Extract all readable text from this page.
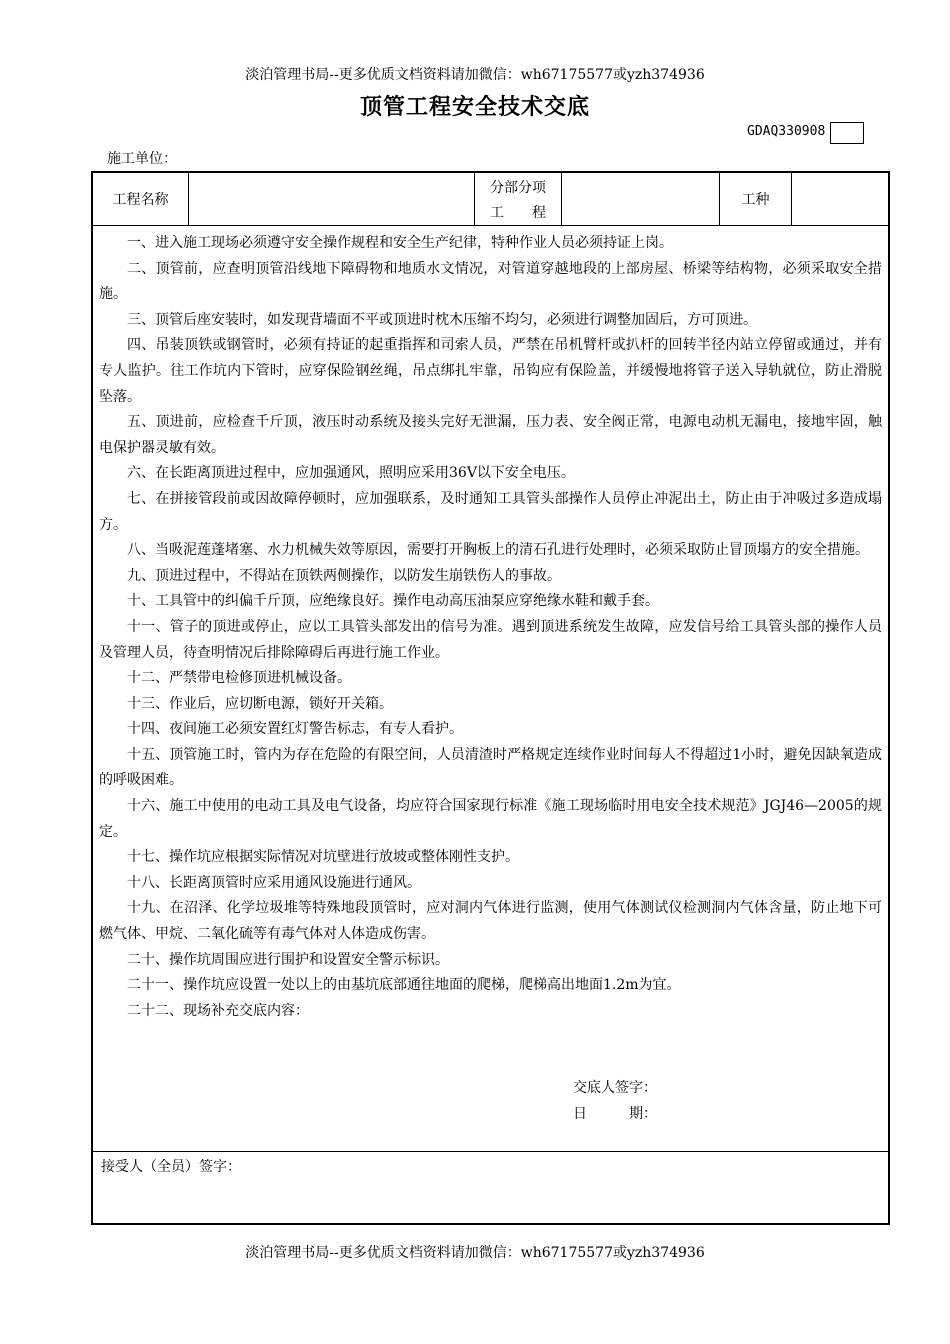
淡泊管理书局--更多优质文档资料请加微信：wh67175577或yzh374936
顶管工程安全技术交底
GDAQ330908
施工单位：
工程名称
分部分项
工　　程
工种

一、进入施工现场必须遵守安全操作规程和安全生产纪律，特种作业人员必须持证上岗。

二、顶管前，应查明顶管沿线地下障碍物和地质水文情况，对管道穿越地段的上部房屋、桥梁等结构物，必须采取安全措施。

三、顶管后座安装时，如发现背墙面不平或顶进时枕木压缩不均匀，必须进行调整加固后，方可顶进。

四、吊装顶铁或钢管时，必须有持证的起重指挥和司索人员，严禁在吊机臂杆或扒杆的回转半径内站立停留或通过，并有专人监护。往工作坑内下管时，应穿保险钢丝绳，吊点绑扎牢靠，吊钩应有保险盖，并缓慢地将管子送入导轨就位，防止滑脱坠落。

五、顶进前，应检查千斤顶，液压时动系统及接头完好无泄漏，压力表、安全阀正常，电源电动机无漏电，接地牢固，触电保护器灵敏有效。

六、在长距离顶进过程中，应加强通风，照明应采用36V以下安全电压。

七、在拼接管段前或因故障停顿时，应加强联系，及时通知工具管头部操作人员停止冲泥出土，防止由于冲吸过多造成塌方。

八、当吸泥莲蓬堵塞、水力机械失效等原因，需要打开胸板上的清石孔进行处理时，必须采取防止冒顶塌方的安全措施。

九、顶进过程中，不得站在顶铁两侧操作，以防发生崩铁伤人的事故。

十、工具管中的纠偏千斤顶，应绝缘良好。操作电动高压油泵应穿绝缘水鞋和戴手套。

十一、管子的顶进或停止，应以工具管头部发出的信号为准。遇到顶进系统发生故障，应发信号给工具管头部的操作人员及管理人员，待查明情况后排除障碍后再进行施工作业。

十二、严禁带电检修顶进机械设备。

十三、作业后，应切断电源，锁好开关箱。

十四、夜间施工必须安置红灯警告标志，有专人看护。

十五、顶管施工时，管内为存在危险的有限空间，人员清渣时严格规定连续作业时间每人不得超过1小时，避免因缺氧造成的呼吸困难。

十六、施工中使用的电动工具及电气设备，均应符合国家现行标准《施工现场临时用电安全技术规范》JGJ46—2005的规定。

十七、操作坑应根据实际情况对坑壁进行放坡或整体刚性支护。

十八、长距离顶管时应采用通风设施进行通风。

十九、在沼泽、化学垃圾堆等特殊地段顶管时，应对洞内气体进行监测，使用气体测试仪检测洞内气体含量，防止地下可燃气体、甲烷、二氧化硫等有毒气体对人体造成伤害。

二十、操作坑周围应进行围护和设置安全警示标识。

二十一、操作坑应设置一处以上的由基坑底部通往地面的爬梯，爬梯高出地面1.2m为宜。

二十二、现场补充交底内容：

交底人签字：
日　　　期：
接受人（全员）签字：
淡泊管理书局--更多优质文档资料请加微信：wh67175577或yzh374936
